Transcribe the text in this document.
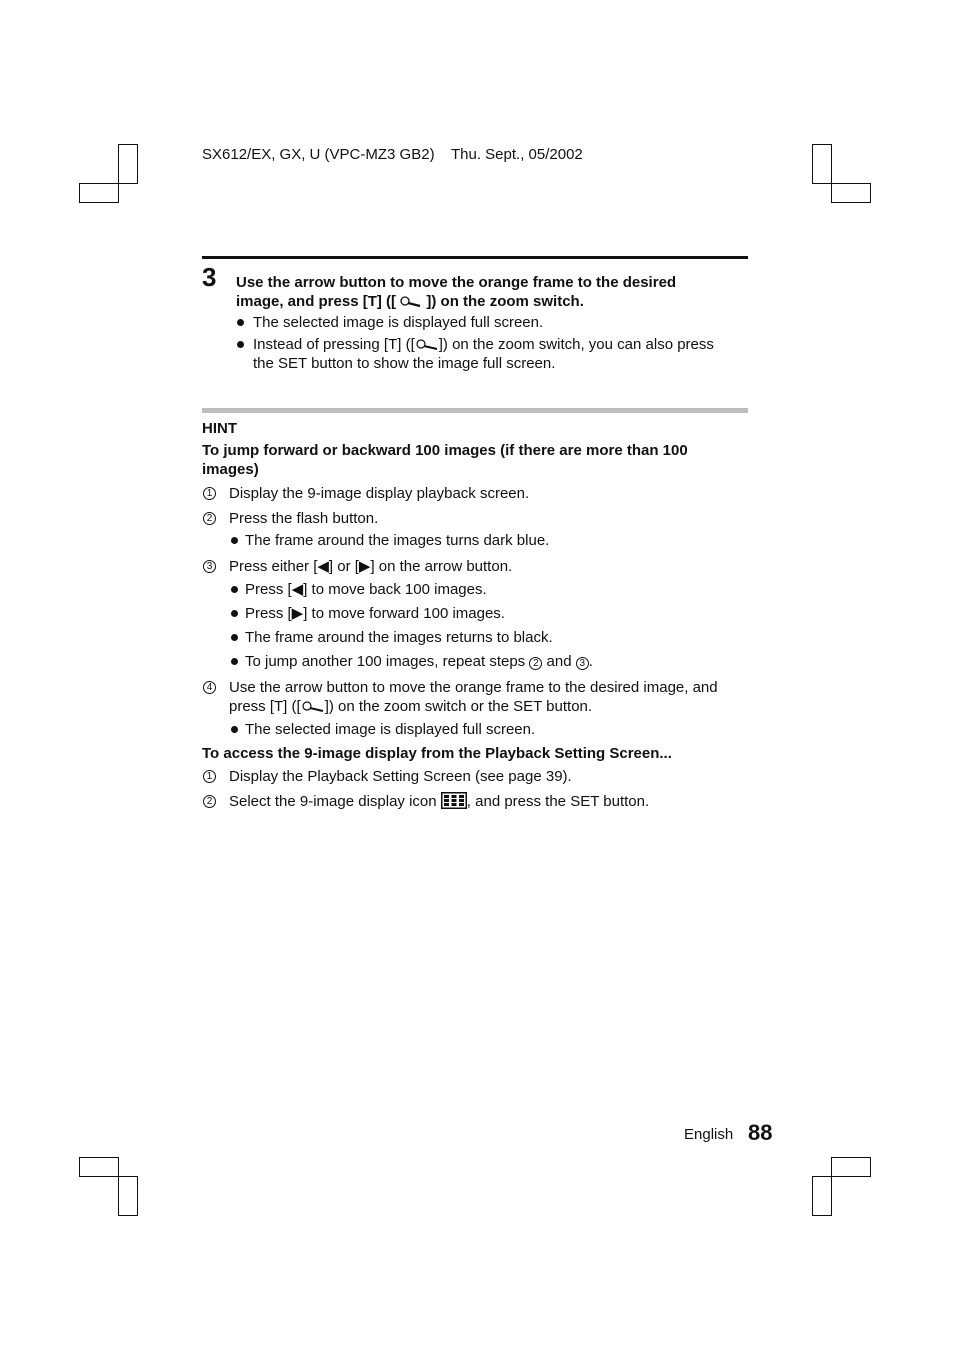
SX612/EX, GX, U (VPC-MZ3 GB2) Thu. Sept., 05/2002
3 Use the arrow button to move the orange frame to the desired
image, and press [T] ([ ]) on the zoom switch.
The selected image is displayed full screen.
Instead of pressing [T] ([ ]) on the zoom switch, you can also press
the SET button to show the image full screen.
HINT
To jump forward or backward 100 images (if there are more than 100
images)
1 Display the 9-image display playback screen.
2 Press the flash button.
The frame around the images turns dark blue.
3 Press either [◀] or [▶] on the arrow button.
Press [◀] to move back 100 images.
Press [▶] to move forward 100 images.
The frame around the images returns to black.
To jump another 100 images, repeat steps 2 and 3 .
4 Use the arrow button to move the orange frame to the desired image, and
press [T] ([ ]) on the zoom switch or the SET button.
The selected image is displayed full screen.
To access the 9-image display from the Playback Setting Screen...
1 Display the Playback Setting Screen (see page 39).
2 Select the 9-image display icon , and press the SET button.
English 88
